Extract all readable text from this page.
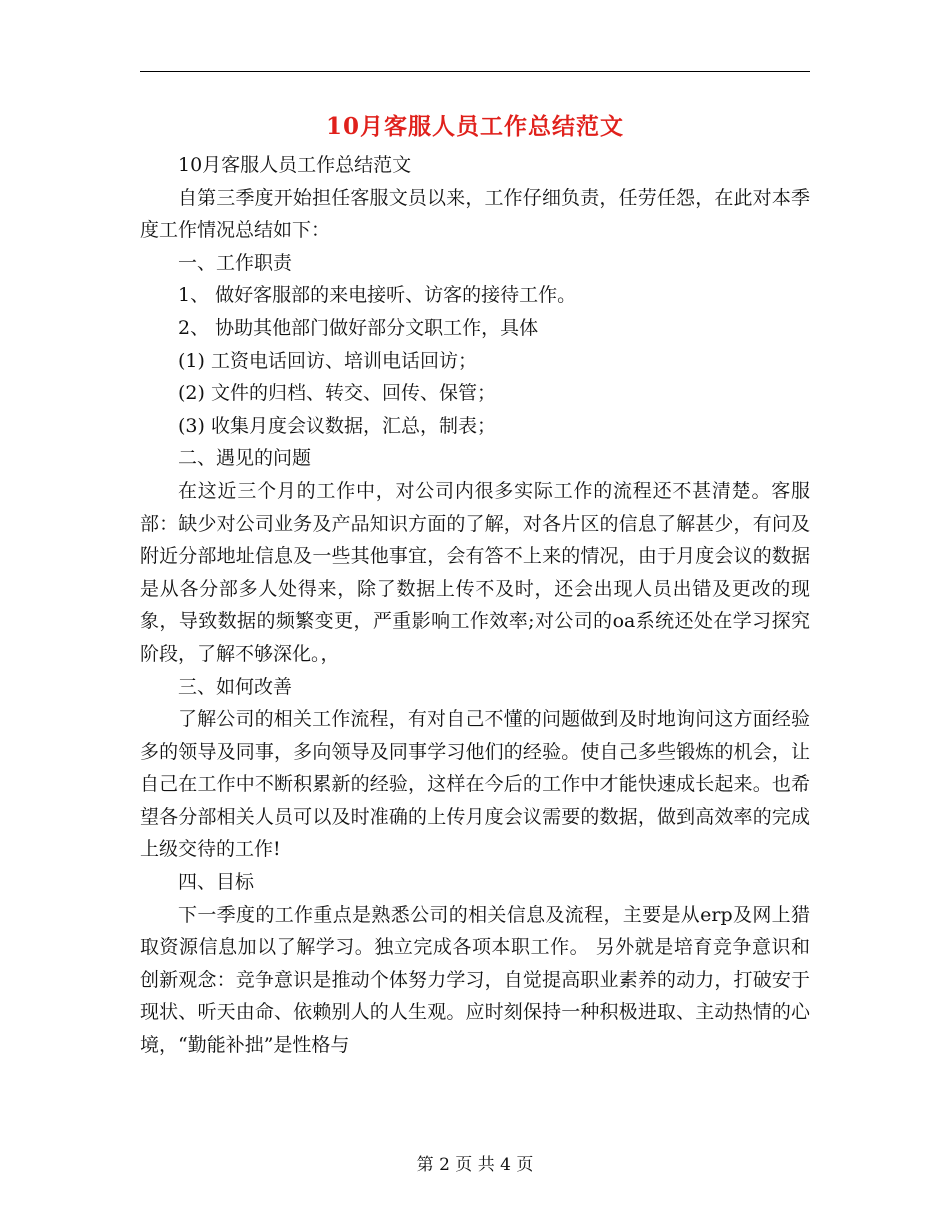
10月客服人员工作总结范文

10月客服人员工作总结范文

自第三季度开始担任客服文员以来，工作仔细负责，任劳任怨，在此对本季度工作情况总结如下：

一、工作职责

1、 做好客服部的来电接听、访客的接待工作。

2、 协助其他部门做好部分文职工作，具体

(1) 工资电话回访、培训电话回访；

(2) 文件的归档、转交、回传、保管；

(3) 收集月度会议数据，汇总，制表；

二、遇见的问题

在这近三个月的工作中，对公司内很多实际工作的流程还不甚清楚。客服部：缺少对公司业务及产品知识方面的了解，对各片区的信息了解甚少，有问及附近分部地址信息及一些其他事宜，会有答不上来的情况，由于月度会议的数据是从各分部多人处得来，除了数据上传不及时，还会出现人员出错及更改的现象，导致数据的频繁变更，严重影响工作效率;对公司的oa系统还处在学习探究阶段，了解不够深化。，

三、如何改善

了解公司的相关工作流程，有对自己不懂的问题做到及时地询问这方面经验多的领导及同事，多向领导及同事学习他们的经验。使自己多些锻炼的机会，让自己在工作中不断积累新的经验，这样在今后的工作中才能快速成长起来。也希望各分部相关人员可以及时准确的上传月度会议需要的数据，做到高效率的完成上级交待的工作!

四、目标

下一季度的工作重点是熟悉公司的相关信息及流程，主要是从erp及网上猎取资源信息加以了解学习。独立完成各项本职工作。 另外就是培育竞争意识和创新观念：竞争意识是推动个体努力学习，自觉提高职业素养的动力，打破安于现状、听天由命、依赖别人的人生观。应时刻保持一种积极进取、主动热情的心境，“勤能补拙”是性格与

第 2 页 共 4 页
